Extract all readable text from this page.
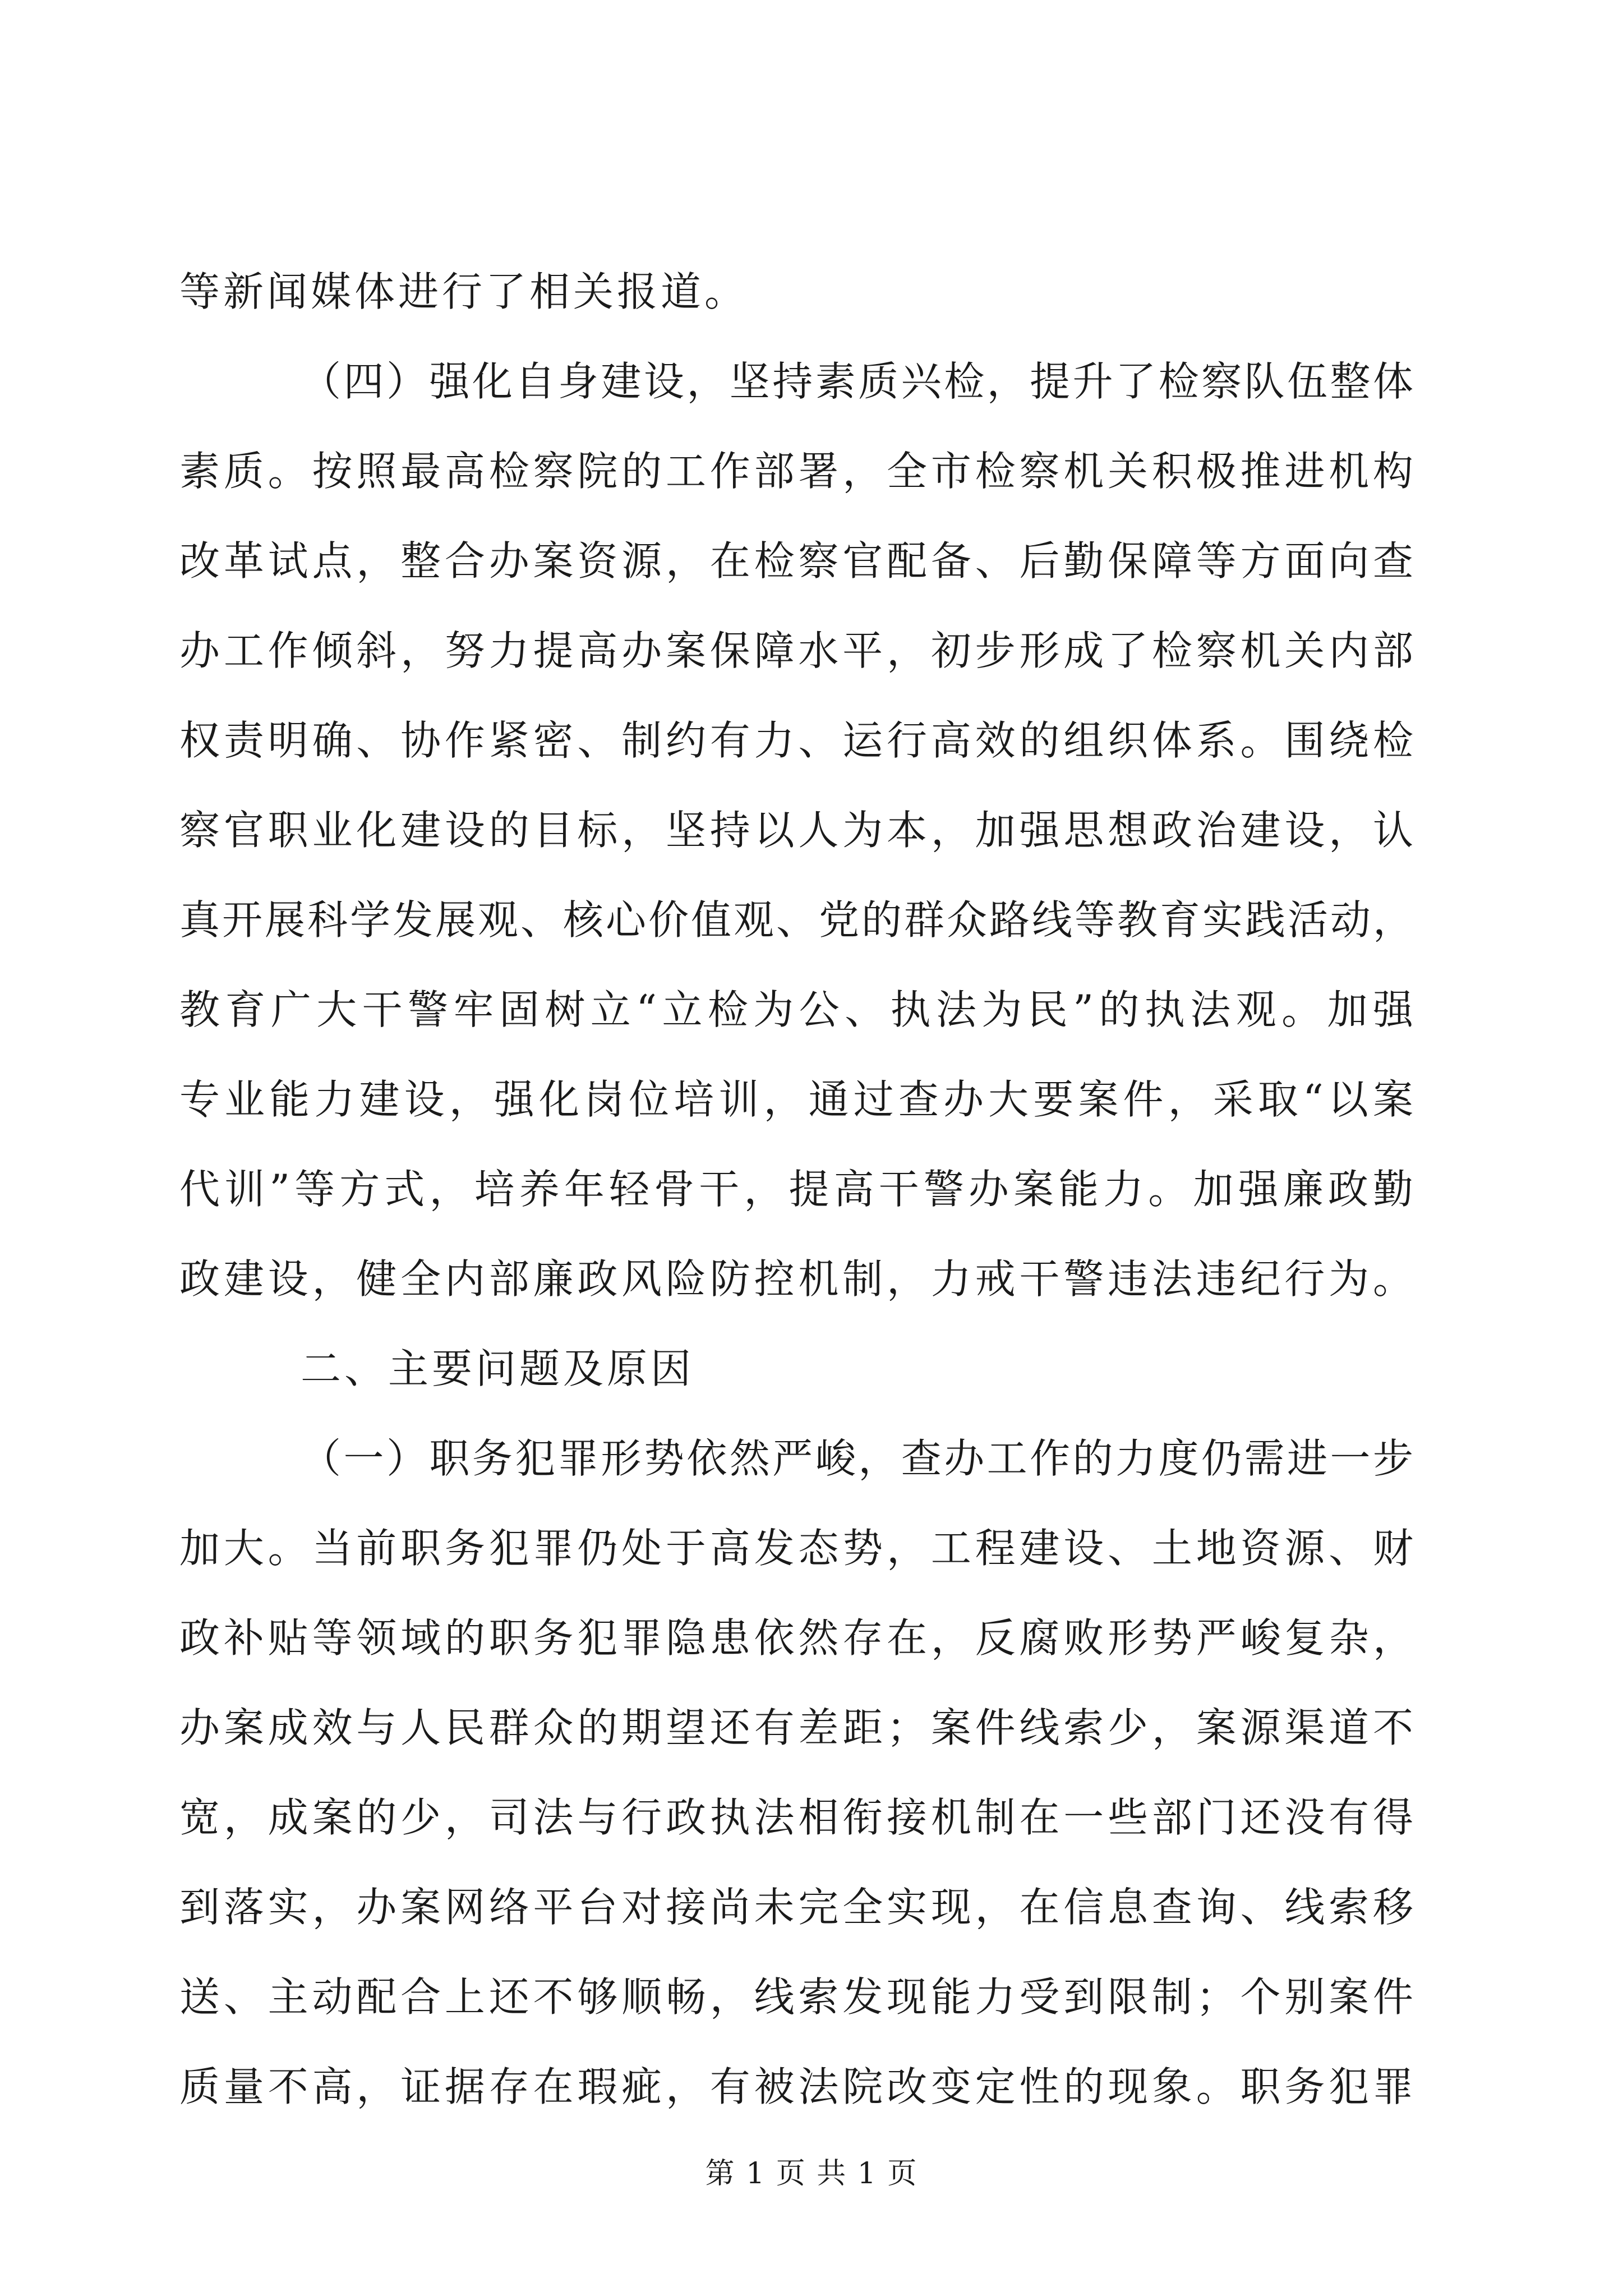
等新闻媒体进行了相关报道。
（四）强化自身建设，坚持素质兴检，提升了检察队伍整体
素质。按照最高检察院的工作部署，全市检察机关积极推进机构
改革试点，整合办案资源，在检察官配备、后勤保障等方面向查
办工作倾斜，努力提高办案保障水平，初步形成了检察机关内部
权责明确、协作紧密、制约有力、运行高效的组织体系。围绕检
察官职业化建设的目标，坚持以人为本，加强思想政治建设，认
真开展科学发展观、核心价值观、党的群众路线等教育实践活动，
教育广大干警牢固树立“立检为公、执法为民”的执法观。加强
专业能力建设，强化岗位培训，通过查办大要案件，采取“以案
代训”等方式，培养年轻骨干，提高干警办案能力。加强廉政勤
政建设，健全内部廉政风险防控机制，力戒干警违法违纪行为。
二、主要问题及原因
（一）职务犯罪形势依然严峻，查办工作的力度仍需进一步
加大。当前职务犯罪仍处于高发态势，工程建设、土地资源、财
政补贴等领域的职务犯罪隐患依然存在，反腐败形势严峻复杂，
办案成效与人民群众的期望还有差距；案件线索少，案源渠道不
宽，成案的少，司法与行政执法相衔接机制在一些部门还没有得
到落实，办案网络平台对接尚未完全实现，在信息查询、线索移
送、主动配合上还不够顺畅，线索发现能力受到限制；个别案件
质量不高，证据存在瑕疵，有被法院改变定性的现象。职务犯罪
第 1 页 共 1 页
